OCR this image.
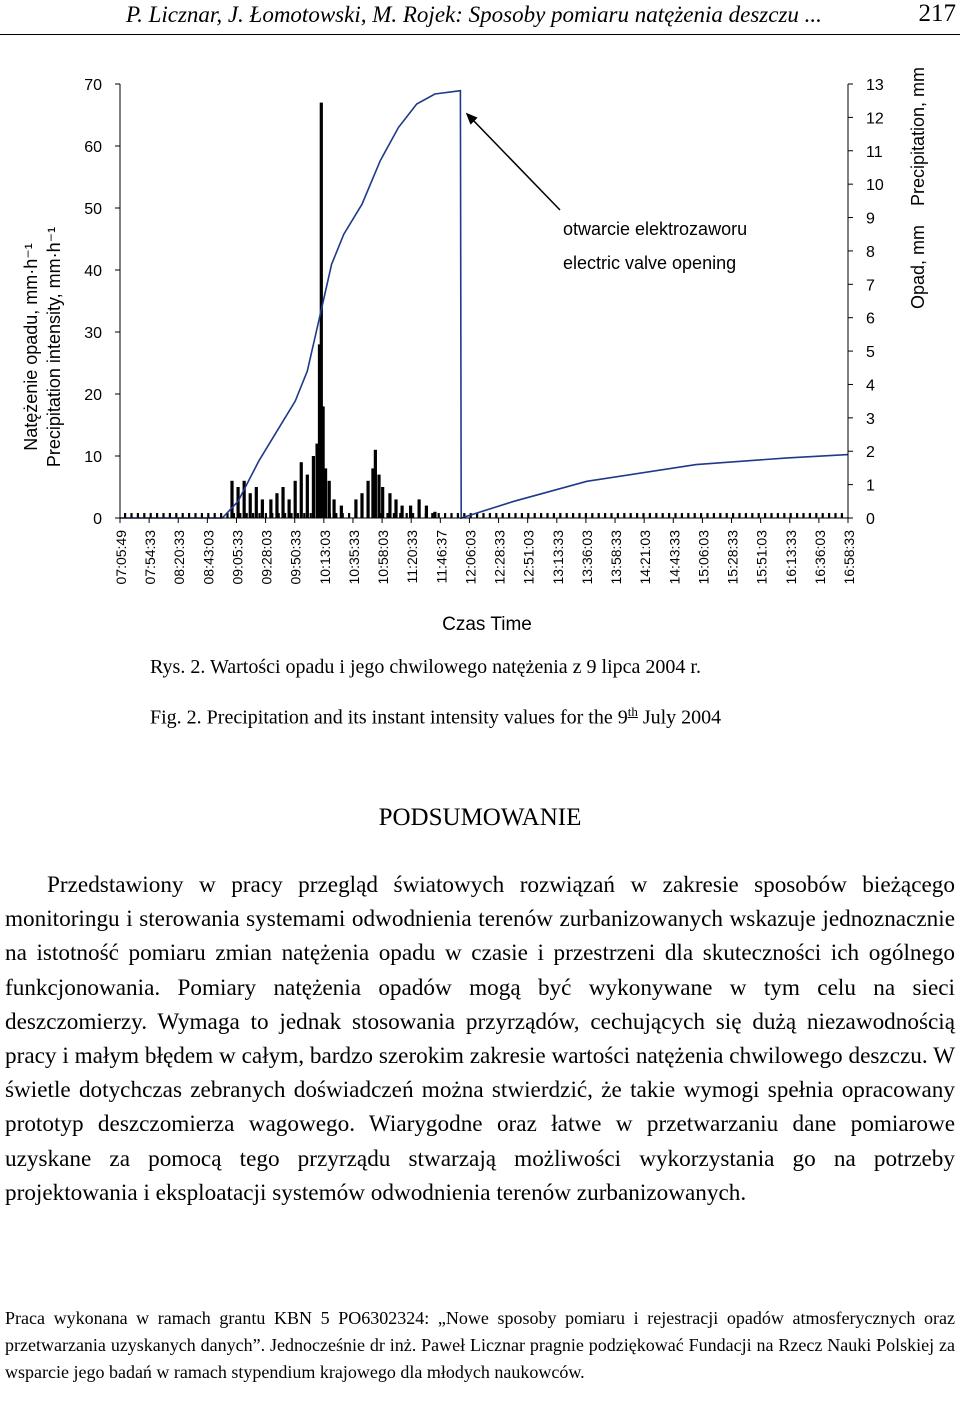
P. Licznar, J. Łomotowski, M. Rojek: Sposoby pomiaru natężenia deszczu ...	217
0
10
20
30
40
50
60
70
0
1
2
3
4
5
6
7
8
9
10
11
12
13
07:05:49 07:54:33 08:20:33 08:43:03 09:05:33 09:28:03 09:50:33 10:13:03 10:35:33 10:58:03 11:20:33 11:46:37 12:06:03 12:28:33 12:51:03 13:13:33 13:36:03 13:58:33 14:21:03 14:43:33 15:06:03 15:28:33 15:51:03 16:13:33 16:36:03 16:58:33
Natężenie opadu, mm·h⁻¹ Precipitation intensity, mm·h⁻¹	Opad, mm
Precipitation, mm
Czas Time
otwarcie elektrozaworu
electric valve opening
Rys. 2. Wartości opadu i jego chwilowego natężenia z 9 lipca 2004 r.
Fig. 2. Precipitation and its instant intensity values for the 9th July 2004
PODSUMOWANIE
Przedstawiony w pracy przegląd światowych rozwiązań w zakresie sposobów bieżącego monitoringu i sterowania systemami odwodnienia terenów zurbanizowanych wskazuje jednoznacznie na istotność pomiaru zmian natężenia opadu w czasie i przestrzeni dla skuteczności ich ogólnego funkcjonowania. Pomiary natężenia opadów mogą być wykonywane w tym celu na sieci deszczomierzy. Wymaga to jednak stosowania przyrządów, cechujących się dużą niezawodnością pracy i małym błędem w całym, bardzo szerokim zakresie wartości natężenia chwilowego deszczu. W świetle dotychczas zebranych doświadczeń można stwierdzić, że takie wymogi spełnia opracowany prototyp deszczomierza wagowego. Wiarygodne oraz łatwe w przetwarzaniu dane pomiarowe uzyskane za pomocą tego przyrządu stwarzają możliwości wykorzystania go na potrzeby projektowania i eksploatacji systemów odwodnienia terenów zurbanizowanych.
Praca wykonana w ramach grantu KBN 5 PO6302324: „Nowe sposoby pomiaru i rejestracji opadów atmosferycznych oraz przetwarzania uzyskanych danych”. Jednocześnie dr inż. Paweł Licznar pragnie podziękować Fundacji na Rzecz Nauki Polskiej za wsparcie jego badań w ramach stypendium krajowego dla młodych naukowców.
